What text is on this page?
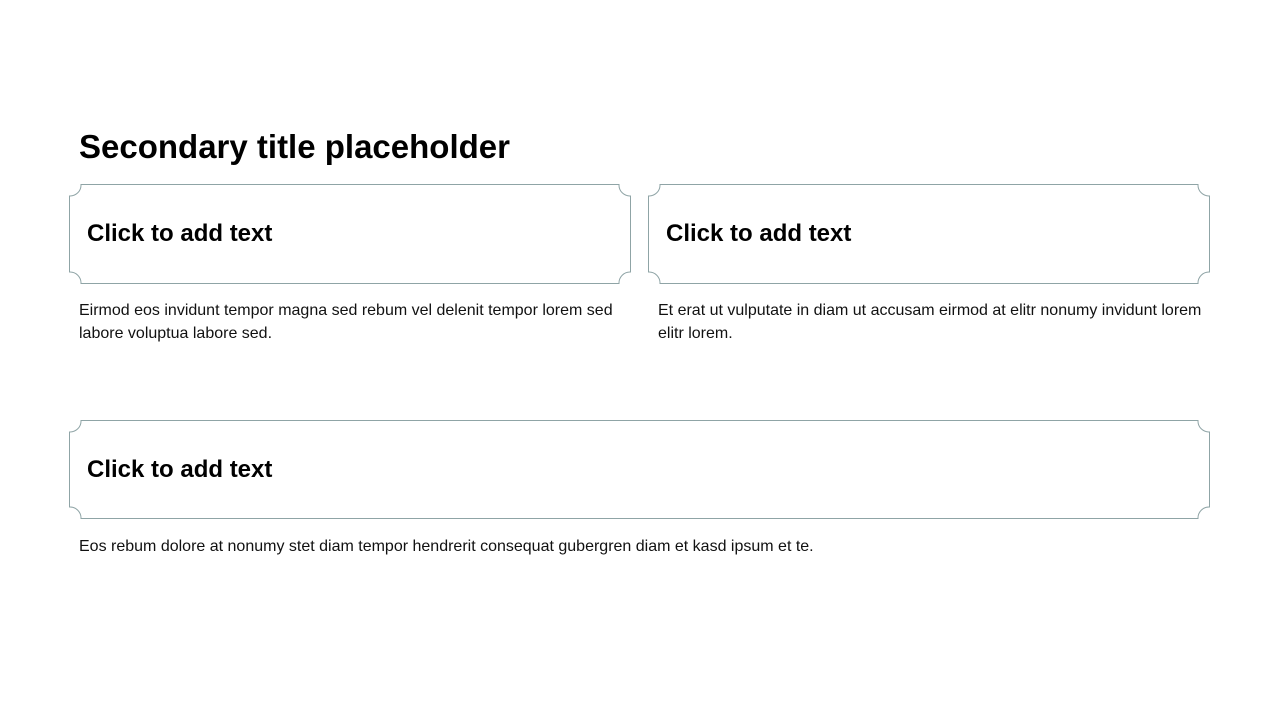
Secondary title placeholder
Click to add text

Eirmod eos invidunt tempor magna sed rebum vel delenit tempor lorem sed labore voluptua labore sed.

Click to add text

Et erat ut vulputate in diam ut accusam eirmod at elitr nonumy invidunt lorem elitr lorem.

Click to add text

Eos rebum dolore at nonumy stet diam tempor hendrerit consequat gubergren diam et kasd ipsum et te.
